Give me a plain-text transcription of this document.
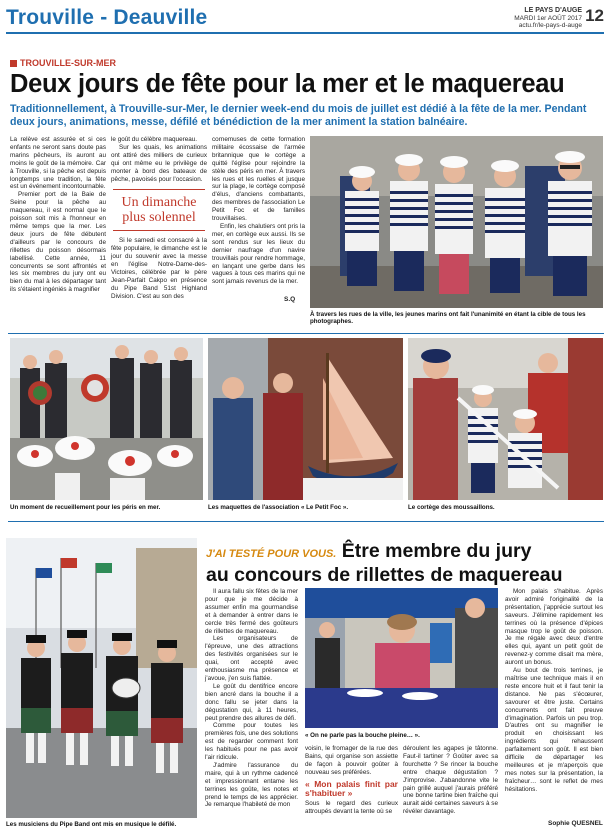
Trouville - Deauville	LE PAYS D'AUGE
MARDI 1er AOÛT 2017
actu.fr/le-pays-d-auge
12
TROUVILLE-SUR-MER
Deux jours de fête pour la mer et le maquereau
Traditionnellement, à Trouville-sur-Mer, le dernier week-end du mois de juillet est dédié à la fête de la mer. Pendant deux jours, animations, messe, défilé et bénédiction de la mer animent la station balnéaire.

La relève est assurée et si ces enfants ne seront sans doute pas marins pêcheurs, ils auront au moins le goût de la mémoire. Car à Trouville, si la pêche est depuis longtemps une tradition, la fête est un événement incontournable.

Premier port de la Baie de Seine pour la pêche au maquereau, il est normal que le poisson soit mis à l'honneur en même temps que la mer. Les deux jours de fête débutent d'ailleurs par le concours de rillettes du poisson désormais labellisé. Cette année, 11 concurrents se sont affrontés et les six membres du jury ont eu bien du mal à les départager tant ils s'étaient ingéniés à magnifier

le goût du célèbre maquereau.

Sur les quais, les animations ont attiré des milliers de curieux qui ont même eu le privilège de monter à bord des bateaux de pêche, pavoisés pour l'occasion.

Un dimanche plus solennel

Si le samedi est consacré à la fête populaire, le dimanche est le jour du souvenir avec la messe en l'église Notre-Dame-des-Victoires, célébrée par le père Jean-Parfait Cakpo en présence du Pipe Band 51st Highland Division. C'est au son des

cornemuses de cette formation militaire écossaise de l'armée britannique que le cortège a quitté l'église pour rejoindre la stèle des péris en mer. À travers les rues et les ruelles et jusque sur la plage, le cortège composé d'élus, d'anciens combattants, des membres de l'association Le Petit Foc et de familles trouvillaises.

Enfin, les chalutiers ont pris la mer, en cortège eux aussi. Ils se sont rendus sur les lieux du dernier naufrage d'un navire trouvillais pour rendre hommage, en lançant une gerbe dans les vagues à tous ces marins qui ne sont jamais revenus de la mer.

S.Q
À travers les rues de la ville, les jeunes marins ont fait l'unanimité en étant la cible de tous les photographes.
Un moment de recueillement pour les péris en mer.	Les maquettes de l'association « Le Petit Foc ».	Le cortège des moussaillons.
Les musiciens du Pipe Band ont mis en musique le défilé.
J'AI TESTÉ POUR VOUS. Être membre du jury
au concours de rillettes de maquereau

Il aura fallu six fêtes de la mer pour que je me décide à assumer enfin ma gourmandise et à demander à entrer dans le cercle très fermé des goûteurs de rillettes de maquereau.

Les organisateurs de l'épreuve, une des attractions des festivités organisées sur le quai, ont accepté avec enthousiasme ma présence et j'avoue, j'en suis flattée.

Le goût du dentifrice encore bien ancré dans la bouche il a donc fallu se jeter dans la dégustation qui, à 11 heures, peut prendre des allures de défi.

Comme pour toutes les premières fois, une des solutions est de regarder comment font les habitués pour ne pas avoir l'air ridicule.

J'admire l'assurance du maire, qui à un rythme cadencé et impressionnant entame les terrines les goûte, les notes et prend le temps de les apprécier. Je remarque l'habileté de mon

« On ne parle pas la bouche pleine… ».

voisin, le fromager de la rue des Bains, qui organise son assiette de façon à pouvoir goûter à nouveau ses préférées.

« Mon palais finit par s'habituer »

Sous le regard des curieux attroupés devant la tente où se

déroulent les agapes je tâtonne. Faut-il tartiner ? Goûter avec sa fourchette ? Se rincer la bouche entre chaque dégustation ? J'improvise. J'abandonne vite le pain grillé auquel j'aurais préféré une bonne tartine bien fraîche qui aurait aidé certaines saveurs à se révéler davantage.

Mon palais s'habitue. Après avoir admiré l'originalité de la présentation, j'apprécie surtout les saveurs. J'élimine rapidement les terrines où la présence d'épices masque trop le goût de poisson. Je me régale avec deux d'entre elles qui, ayant un petit goût de revenez-y comme disait ma mère, auront un bonus.

Au bout de trois terrines, je maîtrise une technique mais il en reste encore huit et il faut tenir la distance. Ne pas s'écœurer, savourer et être juste. Certains concurrents ont fait preuve d'imagination. Parfois un peu trop. D'autres ont su magnifier le produit en choisissant les ingrédients qui rehaussent parfaitement son goût. Il est bien difficile de départager les meilleures et je m'aperçois que mes notes sur la présentation, la fraîcheur… sont le reflet de mes hésitations.

Sophie QUESNEL
